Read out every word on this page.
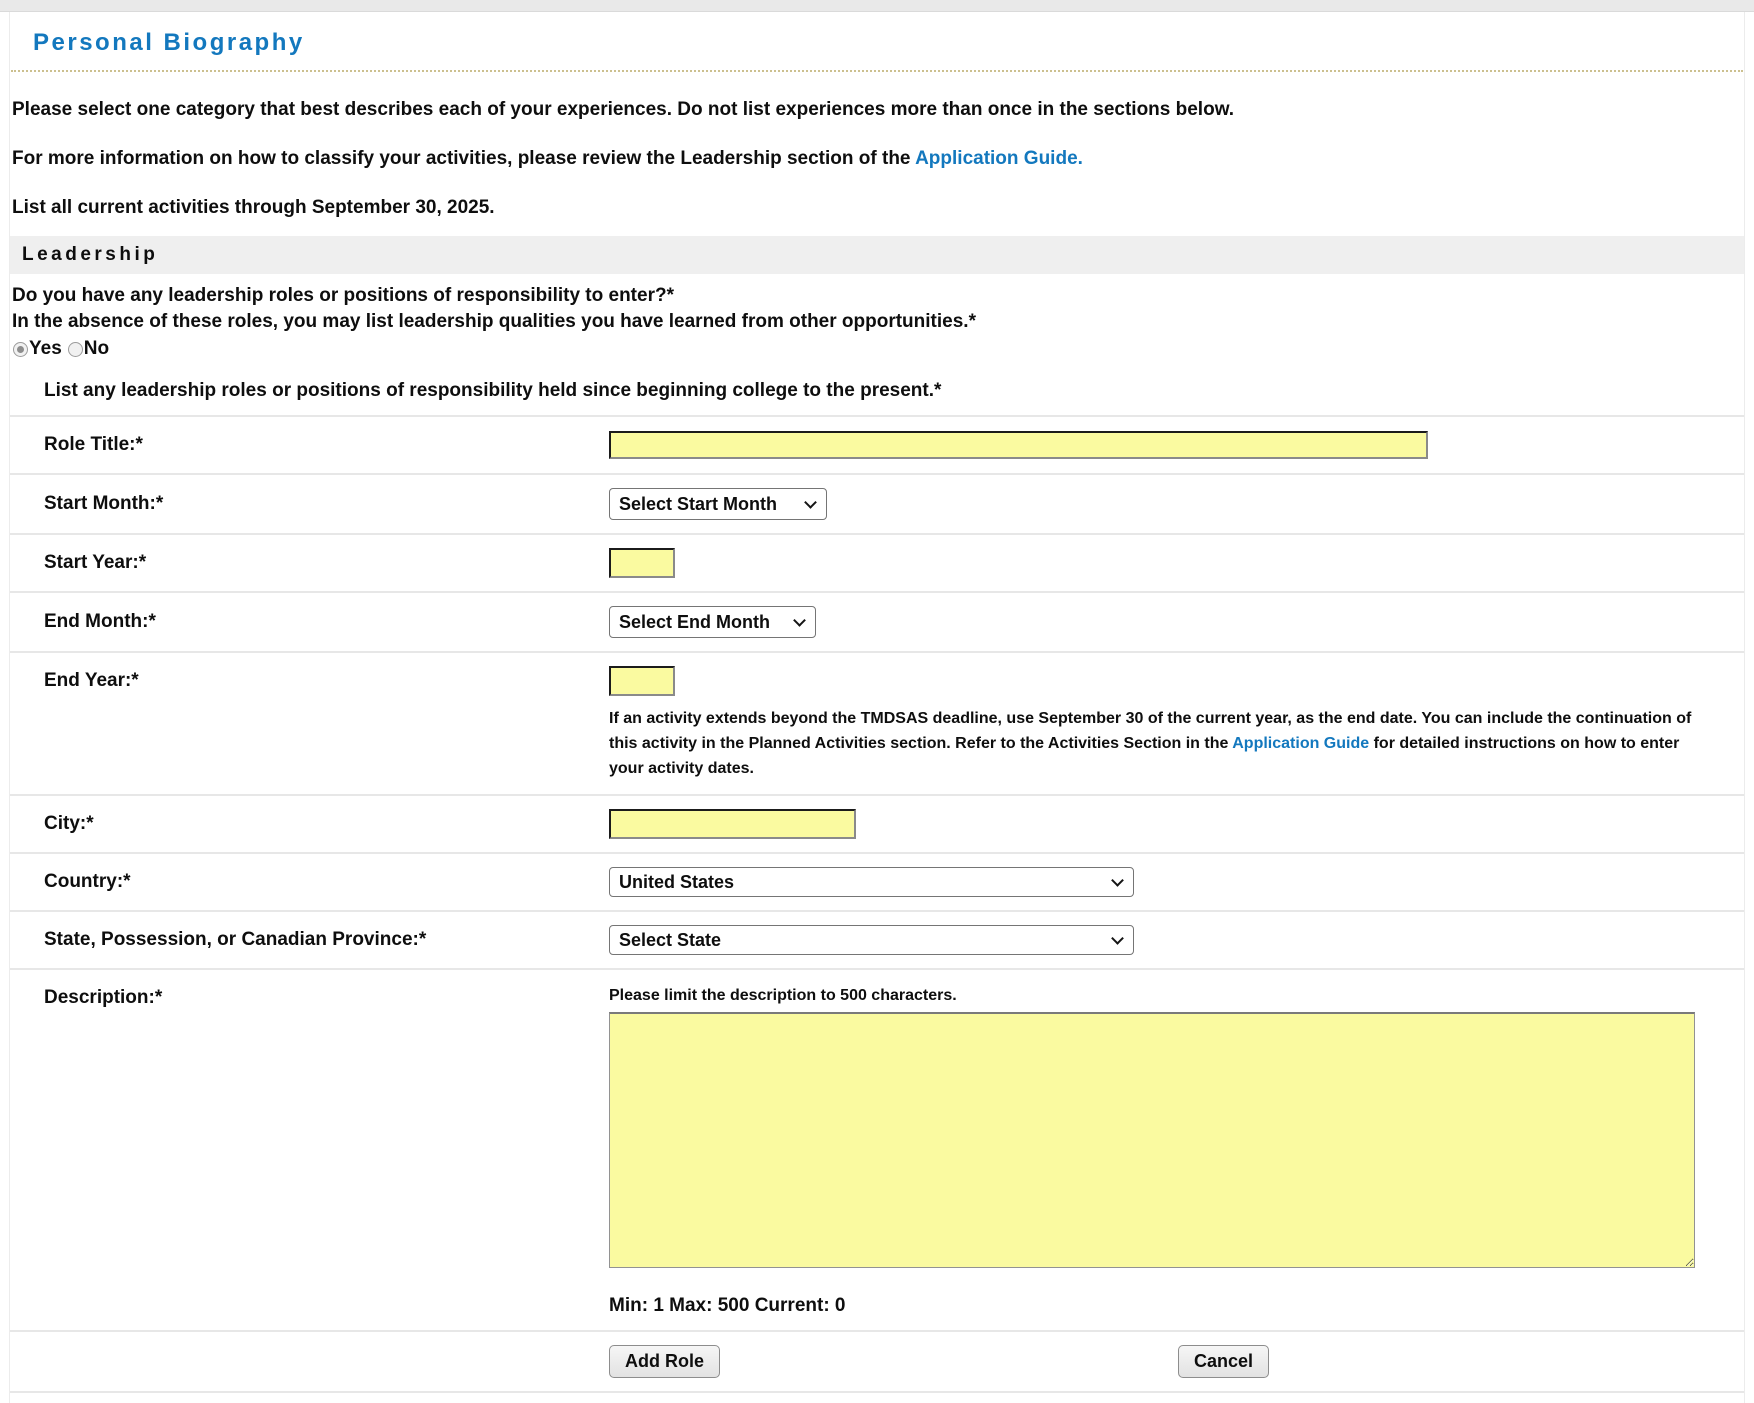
Personal Biography

Please select one category that best describes each of your experiences. Do not list experiences more than once in the sections below.

For more information on how to classify your activities, please review the Leadership section of the Application Guide.

List all current activities through September 30, 2025.

Leadership
Do you have any leadership roles or positions of responsibility to enter?*
In the absence of these roles, you may list leadership qualities you have learned from other opportunities.*
Yes No
List any leadership roles or positions of responsibility held since beginning college to the present.*
Role Title:*
Start Month:*
Select Start Month
Start Year:*
End Month:*
Select End Month
End Year:*
If an activity extends beyond the TMDSAS deadline, use September 30 of the current year, as the end date. You can include the continuation of this activity in the Planned Activities section. Refer to the Activities Section in the Application Guide for detailed instructions on how to enter your activity dates.
City:*
Country:*
United States
State, Possession, or Canadian Province:*
Select State
Description:*	Please limit the description to 500 characters.
Min: 1 Max: 500 Current: 0
Add Role	Cancel
